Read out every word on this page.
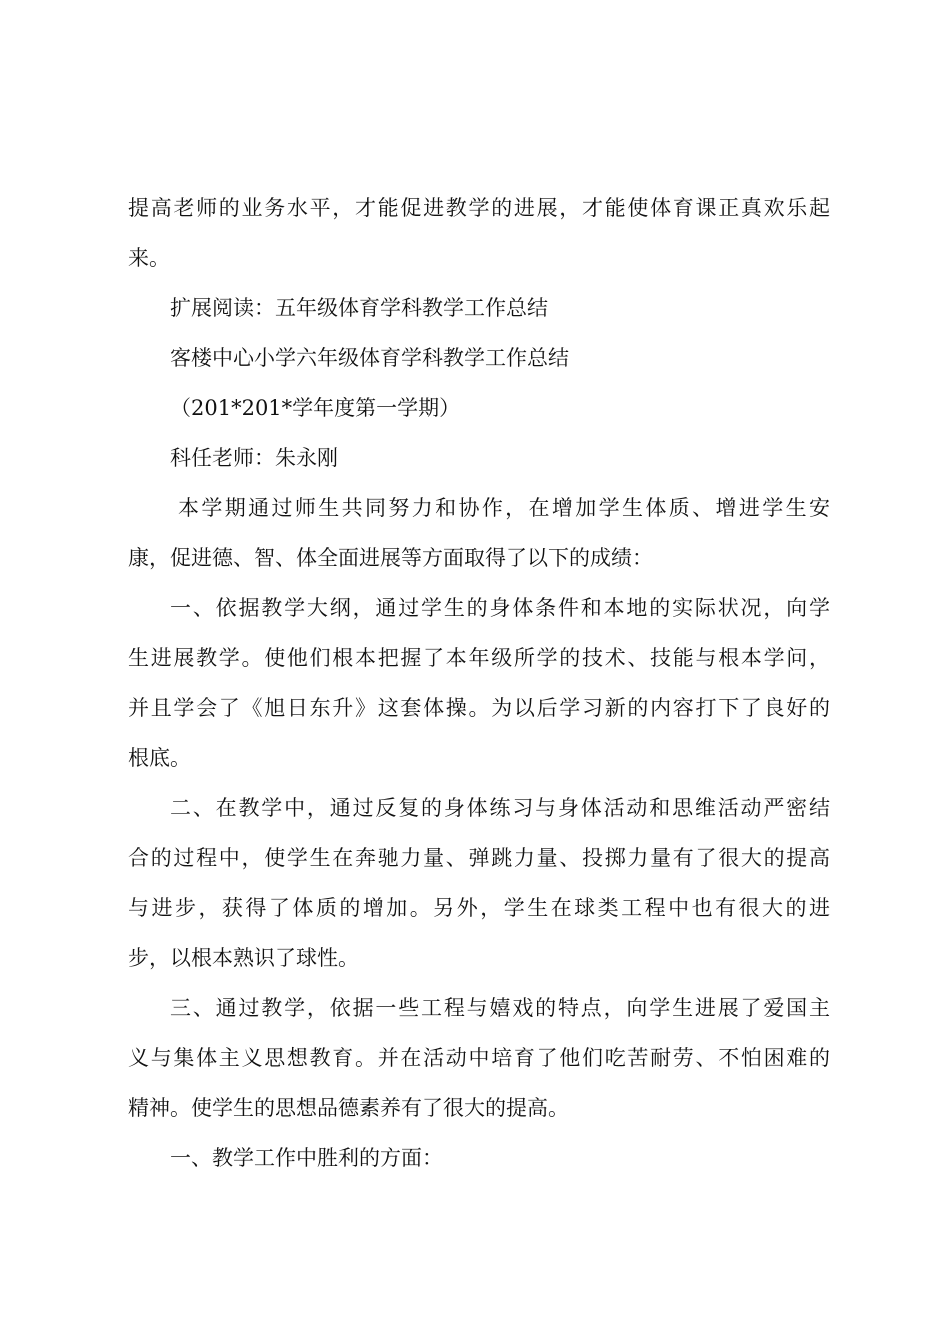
提高老师的业务水平，才能促进教学的进展，才能使体育课正真欢乐起
来。
扩展阅读：五年级体育学科教学工作总结
客楼中心小学六年级体育学科教学工作总结
（201*201*学年度第一学期）
科任老师：朱永刚
本学期通过师生共同努力和协作，在增加学生体质、增进学生安
康，促进德、智、体全面进展等方面取得了以下的成绩：
一、依据教学大纲，通过学生的身体条件和本地的实际状况，向学
生进展教学。使他们根本把握了本年级所学的技术、技能与根本学问，
并且学会了《旭日东升》这套体操。为以后学习新的内容打下了良好的
根底。
二、在教学中，通过反复的身体练习与身体活动和思维活动严密结
合的过程中，使学生在奔驰力量、弹跳力量、投掷力量有了很大的提高
与进步，获得了体质的增加。另外，学生在球类工程中也有很大的进
步，以根本熟识了球性。
三、通过教学，依据一些工程与嬉戏的特点，向学生进展了爱国主
义与集体主义思想教育。并在活动中培育了他们吃苦耐劳、不怕困难的
精神。使学生的思想品德素养有了很大的提高。
一、教学工作中胜利的方面：
